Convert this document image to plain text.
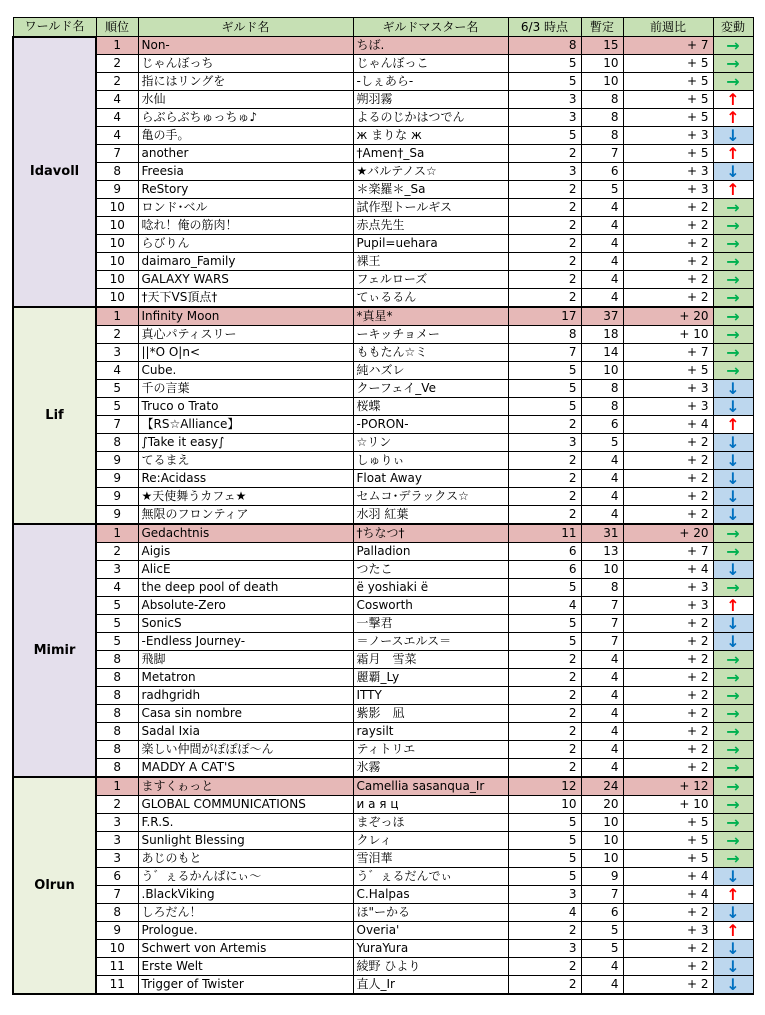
ワールド名	順位	ギルド名	ギルドマスター名	6/3 時点	暫定	前週比	変動
Idavoll	1	Non-	ちば.	8	15	+ 7	→
	2	じゃんぼっち	じゃんぼっこ	5	10	+ 5	→
	2	指にはリングを	-しぇあら-	5	10	+ 5	→
	4	水仙	朔羽霧	3	8	+ 5	↑
	4	らぶらぶちゅっちゅ♪	よるのじかはつでん	3	8	+ 5	↑
	4	亀の手。	ж まりな ж	5	8	+ 3	↓
	7	another	†Amen†_Sa	2	7	+ 5	↑
	8	Freesia	★バルテノス☆	3	6	+ 3	↓
	9	ReStory	＊楽羅＊_Sa	2	5	+ 3	↑
	10	ロンド･ベル	試作型トールギス	2	4	+ 2	→
	10	唸れ！俺の筋肉！	赤点先生	2	4	+ 2	→
	10	らびりん	Pupil=uehara	2	4	+ 2	→
	10	daimaro_Family	裸王	2	4	+ 2	→
	10	GALAXY WARS	フェルローズ	2	4	+ 2	→
	10	†天下VS頂点†	てぃるるん	2	4	+ 2	→
Lif	1	Infinity Moon	*真星*	17	37	+ 20	→
	2	真心パティスリー	ーキッチョメー	8	18	+ 10	→
	3	||*O O|n<	ももたん☆ミ	7	14	+ 7	→
	4	Cube.	純ハズレ	5	10	+ 5	→
	5	千の言葉	クーフェイ_Ve	5	8	+ 3	↓
	5	Truco o Trato	桜蝶	5	8	+ 3	↓
	7	【RS☆Alliance】	-PORON-	2	6	+ 4	↑
	8	∫Take it easy∫	☆リン	3	5	+ 2	↓
	9	てるまえ	しゅりぃ	2	4	+ 2	↓
	9	Re:Acidass	Float Away	2	4	+ 2	↓
	9	★天使舞うカフェ★	セムコ･デラックス☆	2	4	+ 2	↓
	9	無限のフロンティア	水羽 紅葉	2	4	+ 2	↓
Mimir	1	Gedachtnis	†ちなつ†	11	31	+ 20	→
	2	Aigis	Palladion	6	13	+ 7	→
	3	AlicE	つたこ	6	10	+ 4	↓
	4	the deep pool of death	ë yoshiaki ë	5	8	+ 3	→
	5	Absolute-Zero	Cosworth	4	7	+ 3	↑
	5	SonicS	一撃君	5	7	+ 2	↓
	5	-Endless Journey-	＝ノースエルス＝	5	7	+ 2	↓
	8	飛脚	霜月　雪菜	2	4	+ 2	→
	8	Metatron	麗覇_Ly	2	4	+ 2	→
	8	radhgridh	ITTY	2	4	+ 2	→
	8	Casa sin nombre	紫影　凪	2	4	+ 2	→
	8	Sadal Ixia	raysilt	2	4	+ 2	→
	8	楽しい仲間がぽぽぽ～ん	ティトリエ	2	4	+ 2	→
	8	MADDY A CAT'S	氷霧	2	4	+ 2	→
Olrun	1	ますくゎっと	Camellia sasanqua_Ir	12	24	+ 12	→
	2	GLOBAL COMMUNICATIONS	и а я ц	10	20	+ 10	→
	3	F.R.S.	まぞっほ	5	10	+ 5	→
	3	Sunlight Blessing	クレィ	5	10	+ 5	→
	3	あじのもと	雪泪華	5	10	+ 5	→
	6	う゛ぇるかんぱにぃ～	う゛ぇるだんでぃ	5	9	+ 4	↓
	7	.BlackViking	C.Halpas	3	7	+ 4	↑
	8	しろだん！	ほ"ーかる	4	6	+ 2	↓
	9	Prologue.	Overia'	2	5	+ 3	↑
	10	Schwert von Artemis	YuraYura	3	5	+ 2	↓
	11	Erste Welt	綾野 ひより	2	4	+ 2	↓
	11	Trigger of Twister	直人_Ir	2	4	+ 2	↓
